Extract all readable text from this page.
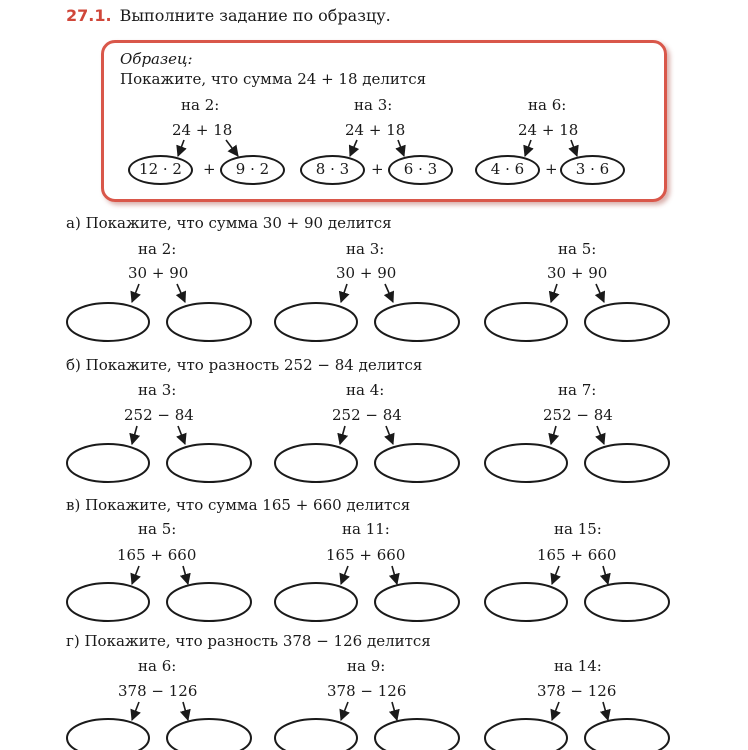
27.1. Выполните задание по образцу.
Образец:
Покажите, что сумма 24 + 18 делится
на 2:
24 + 18
12 · 2	+	9 · 2
на 3:
24 + 18
8 · 3	+	6 · 3
на 6:
24 + 18
4 · 6	+	3 · 6
а) Покажите, что сумма 30 + 90 делится
на 2:
30 + 90
на 3:
30 + 90
на 5:
30 + 90
б) Покажите, что разность 252 − 84 делится
на 3:
252 − 84
на 4:
252 − 84
на 7:
252 − 84
в) Покажите, что сумма 165 + 660 делится
на 5:
165 + 660
на 11:
165 + 660
на 15:
165 + 660
г) Покажите, что разность 378 − 126 делится
на 6:
378 − 126
на 9:
378 − 126
на 14:
378 − 126
